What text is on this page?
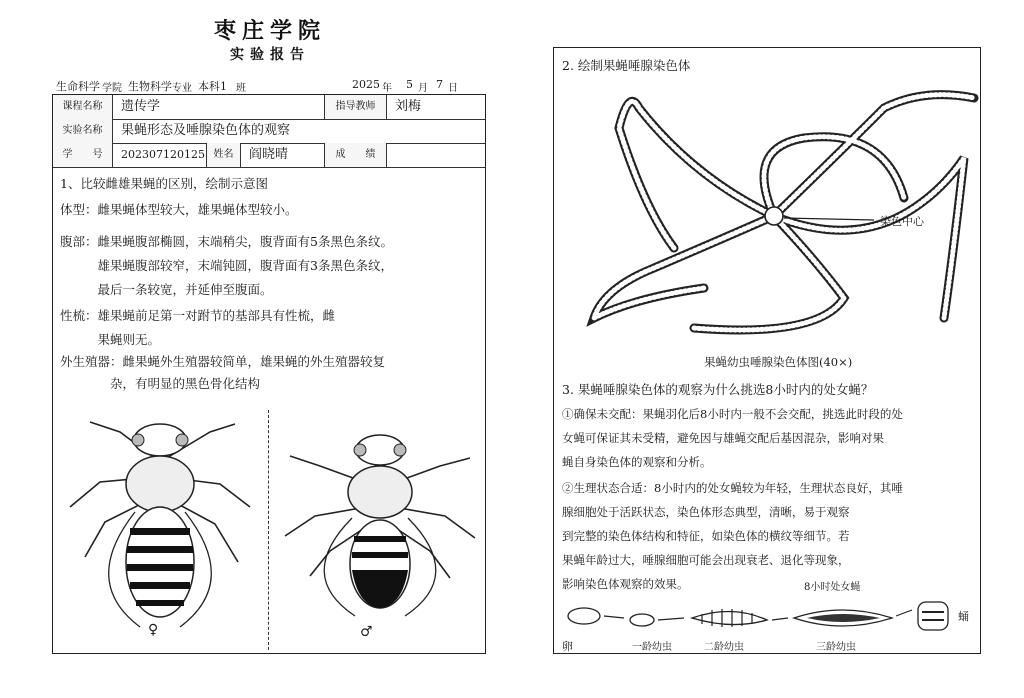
枣庄学院
实验报告
生命科学 学院 生物科学 专业 本科1 班	2025 年 5 月 7 日
课程名称	遗传学	指导教师	刘梅
实验名称	果蝇形态及唾腺染色体的观察
学　　号	202307120125 姓名	阎晓晴	成　　绩
1、比较雌雄果蝇的区别，绘制示意图
体型：雌果蝇体型较大，雄果蝇体型较小。
腹部：雌果蝇腹部椭圆，末端稍尖，腹背面有5条黑色条纹。
　　　雄果蝇腹部较窄，末端钝圆，腹背面有3条黑色条纹，
　　　最后一条较宽，并延伸至腹面。
性梳：雄果蝇前足第一对跗节的基部具有性梳，雌
　　　果蝇则无。
外生殖器：雌果蝇外生殖器较简单，雄果蝇的外生殖器较复
　　　　杂，有明显的黑色骨化结构
♀	♂
2. 绘制果蝇唾腺染色体
染色中心
果蝇幼虫唾腺染色体图(40×)
3. 果蝇唾腺染色体的观察为什么挑选8小时内的处女蝇？
①确保未交配：果蝇羽化后8小时内一般不会交配，挑选此时段的处
女蝇可保证其未受精，避免因与雄蝇交配后基因混杂，影响对果
蝇自身染色体的观察和分析。
②生理状态合适：8小时内的处女蝇较为年轻，生理状态良好，其唾
腺细胞处于活跃状态，染色体形态典型，清晰，易于观察
到完整的染色体结构和特征，如染色体的横纹等细节。若
果蝇年龄过大，唾腺细胞可能会出现衰老、退化等现象，
影响染色体观察的效果。	8小时处女蝇
卵	一龄幼虫	二龄幼虫	三龄幼虫
蛹
